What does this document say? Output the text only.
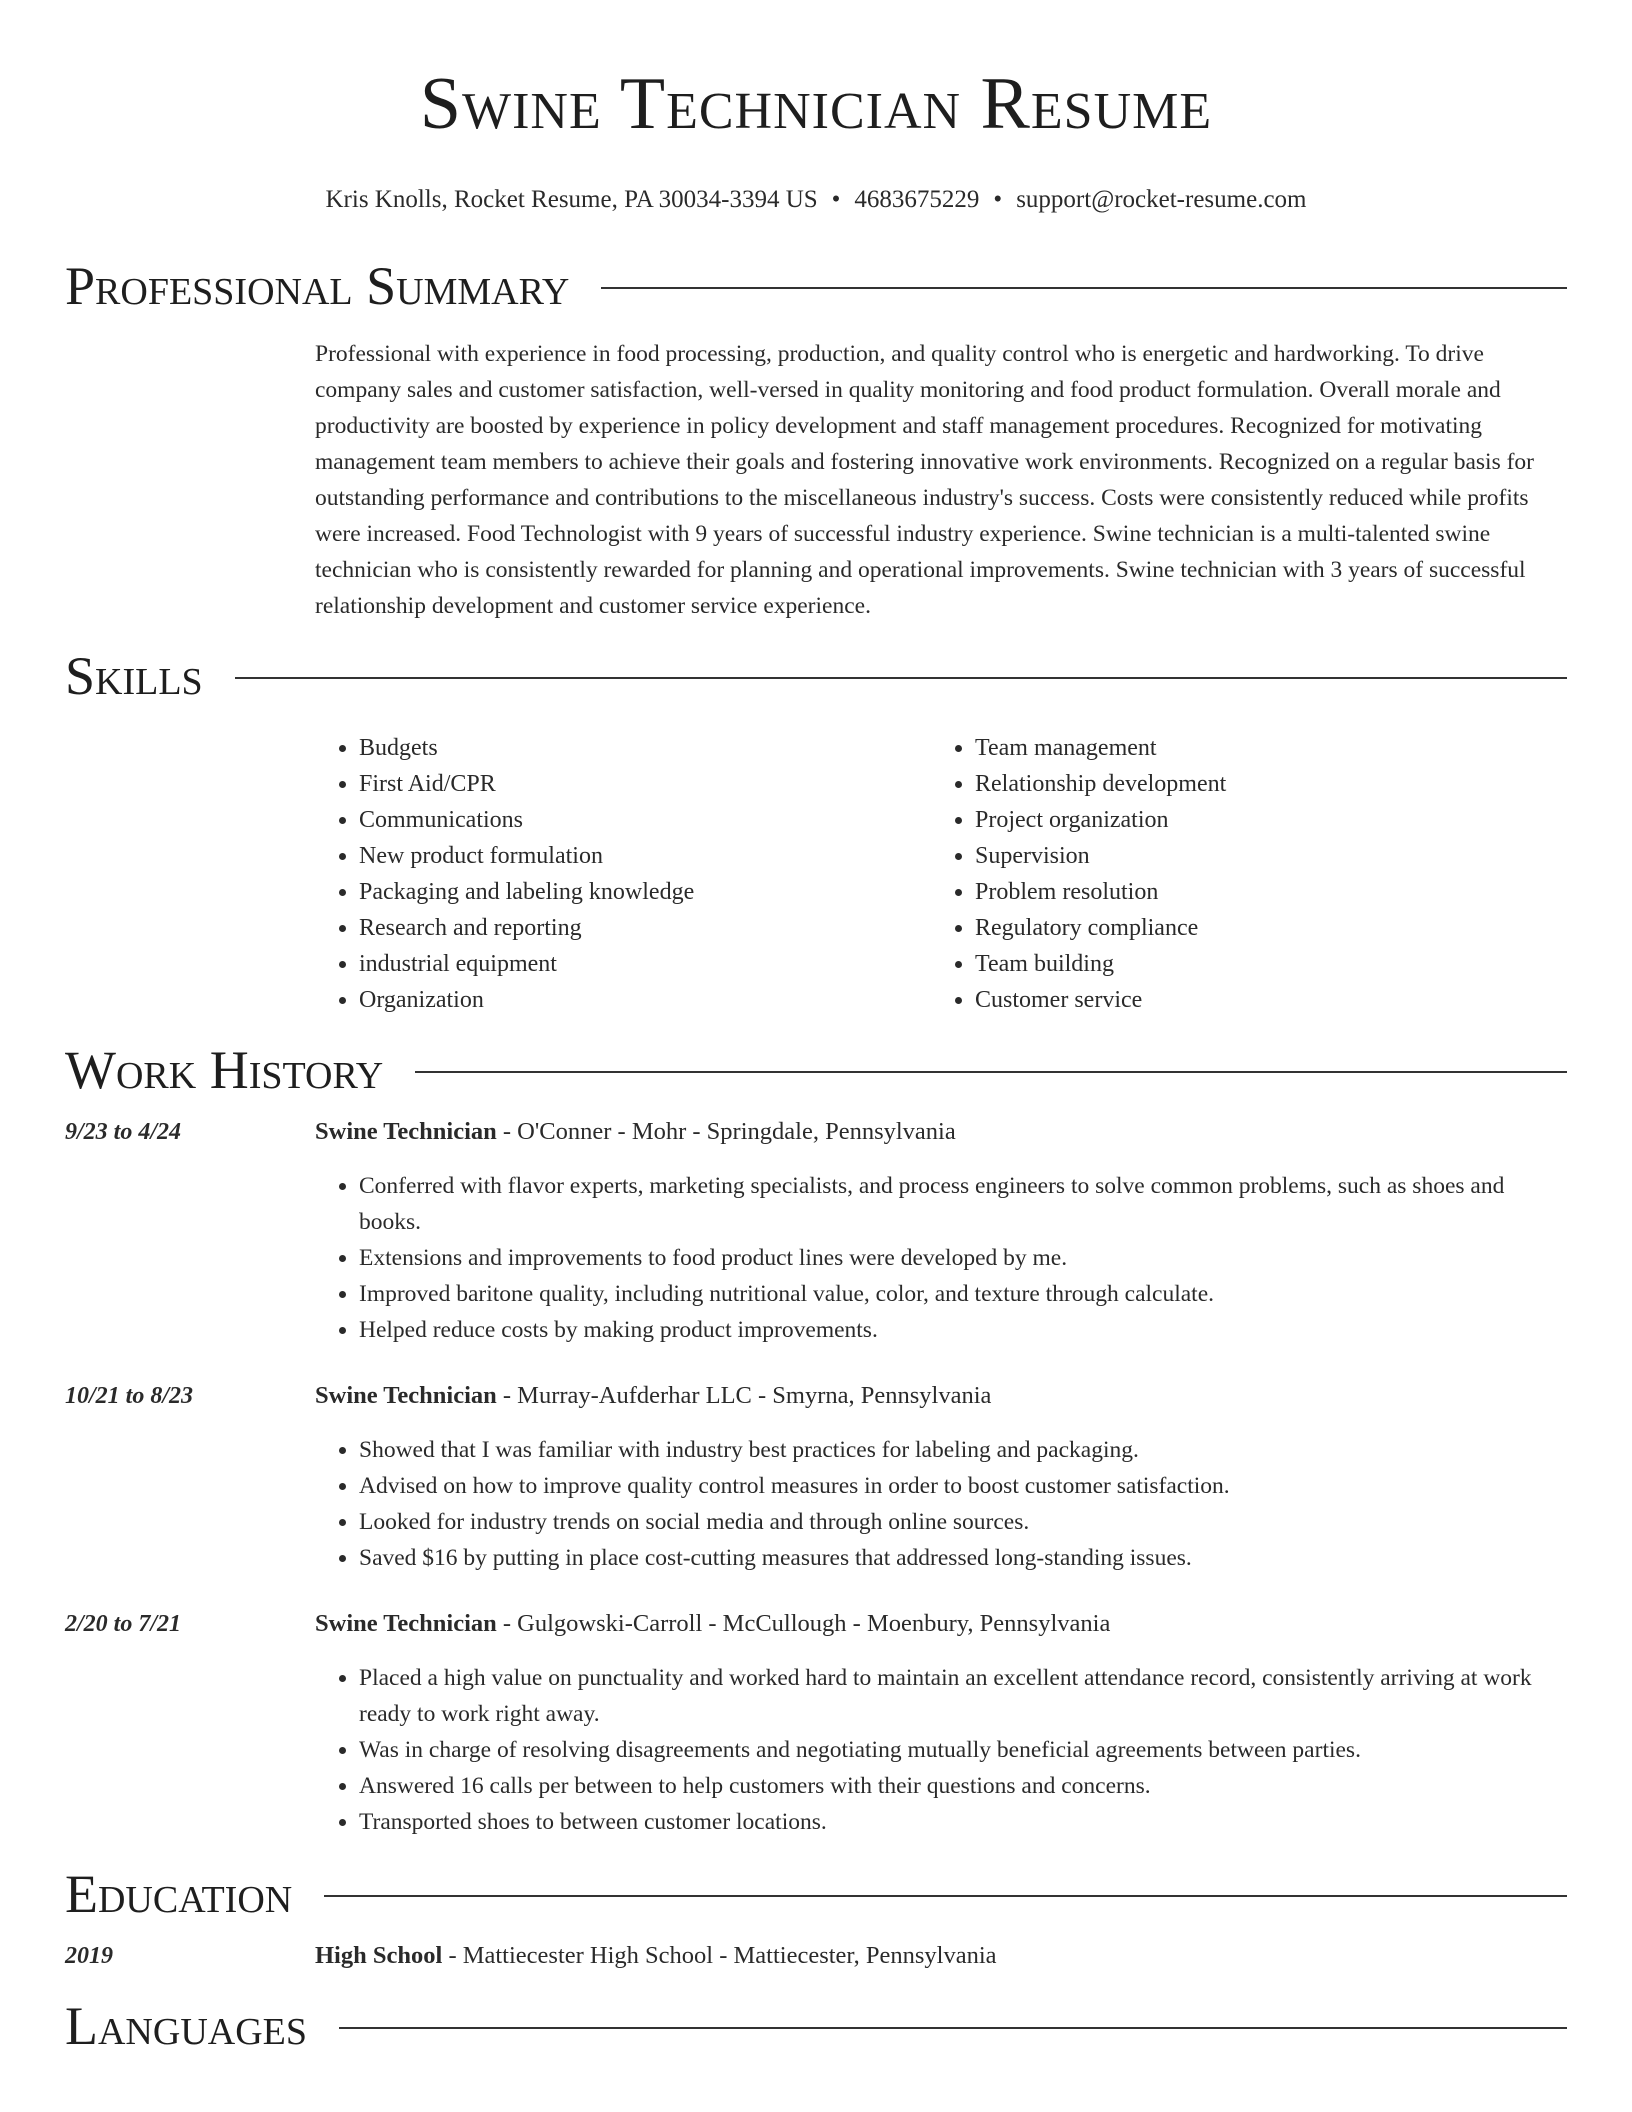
Swine Technician Resume
Kris Knolls, Rocket Resume, PA 30034-3394 US • 4683675229 • support@rocket-resume.com
Professional Summary

Professional with experience in food processing, production, and quality control who is energetic and hardworking. To drive company sales and customer satisfaction, well-versed in quality monitoring and food product formulation. Overall morale and productivity are boosted by experience in policy development and staff management procedures. Recognized for motivating management team members to achieve their goals and fostering innovative work environments. Recognized on a regular basis for outstanding performance and contributions to the miscellaneous industry's success. Costs were consistently reduced while profits were increased. Food Technologist with 9 years of successful industry experience. Swine technician is a multi-talented swine technician who is consistently rewarded for planning and operational improvements. Swine technician with 3 years of successful relationship development and customer service experience.

Skills
• Budgets
• First Aid/CPR
• Communications
• New product formulation
• Packaging and labeling knowledge
• Research and reporting
• industrial equipment
• Organization
• Team management
• Relationship development
• Project organization
• Supervision
• Problem resolution
• Regulatory compliance
• Team building
• Customer service
Work History
9/23 to 4/24	Swine Technician - O'Conner - Mohr - Springdale, Pennsylvania
• Conferred with flavor experts, marketing specialists, and process engineers to solve common problems, such as shoes and books.
• Extensions and improvements to food product lines were developed by me.
• Improved baritone quality, including nutritional value, color, and texture through calculate.
• Helped reduce costs by making product improvements.
10/21 to 8/23	Swine Technician - Murray-Aufderhar LLC - Smyrna, Pennsylvania
• Showed that I was familiar with industry best practices for labeling and packaging.
• Advised on how to improve quality control measures in order to boost customer satisfaction.
• Looked for industry trends on social media and through online sources.
• Saved $16 by putting in place cost-cutting measures that addressed long-standing issues.
2/20 to 7/21	Swine Technician - Gulgowski-Carroll - McCullough - Moenbury, Pennsylvania
• Placed a high value on punctuality and worked hard to maintain an excellent attendance record, consistently arriving at work ready to work right away.
• Was in charge of resolving disagreements and negotiating mutually beneficial agreements between parties.
• Answered 16 calls per between to help customers with their questions and concerns.
• Transported shoes to between customer locations.
Education
2019	High School - Mattiecester High School - Mattiecester, Pennsylvania
Languages
